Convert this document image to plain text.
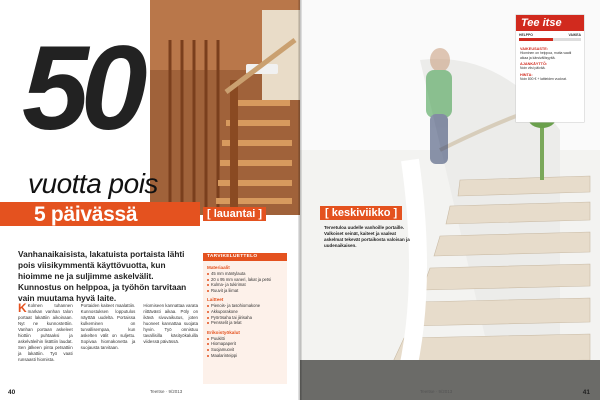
50
vuotta pois
5 päivässä	[ lauantai ]
Vanhanaikaisista, lakatuista portaista lähti pois viisikymmentä käyttövuotta, kun hioimme ne ja suljimme askelvälit. Kunnostus on helppoa, ja työhön tarvitaan vain muutama hyvä laite.
K Kolmen tuhannen markan vanhan talon portaat lakattiin aikoinaan. Nyt ne kunnostettiin. Vanhan portaan askeleet hiottiin puhtaaksi ja askelväleihin lisättiin laudat. Sen jälkeen pinta petsattiin ja lakattiin. Työ vaati runsaasti hiomista.
Portaiden kaiteet maalattiin. Kunnostuksen lopputulos näyttää uudelta. Portaissa kulkeminen on turvallisempaa, kun askelten välit on suljettu. Sopivaa hiomakonetta ja suojausta tarvitaan.
Hiomiseen kannattaa varata riittävästi aikaa. Pöly on ikävä sivuvaikutus, joten huoneet kannattaa suojata hyvin. Työ onnistuu tavallisilla käsityökaluilla viidessä päivässä.
TARVIKELUETTELO
Materiaalit
45 mm mäntylauta
20 x 95 mm vaneri, lakat ja petsi
Kulma- ja tukirimat
Ruuvit ja liimat
Laitteet
Pienois- ja tasohiomakone
Akkuporakone
Pyörösaha tai jiirisaha
Pensselit ja telat
Erikoistyökalut
Puukitti
Hiomapaperit
Suojamuovit
Maalarinteippi
40	TeeItse · 9/2013
[ keskiviikko ]
Tervetuloa uudelle vanhoille portaille. Valkoiset seinät, kaiteet ja vaaleat askelmat tekevät portaikosta valoisan ja uudenaikaisen.
TeeItse · 9/2013	41
Tee itse
HELPPO	VAIKEA
VAIKEUSASTE:
Hiominen on helppoa, mutta vaatii aikaa ja kärsivällisyyttä.
AJANKÄYTTÖ:
Noin viisi päivää.
HINTA:
Noin 800 € + laitteiden vuokrat.
